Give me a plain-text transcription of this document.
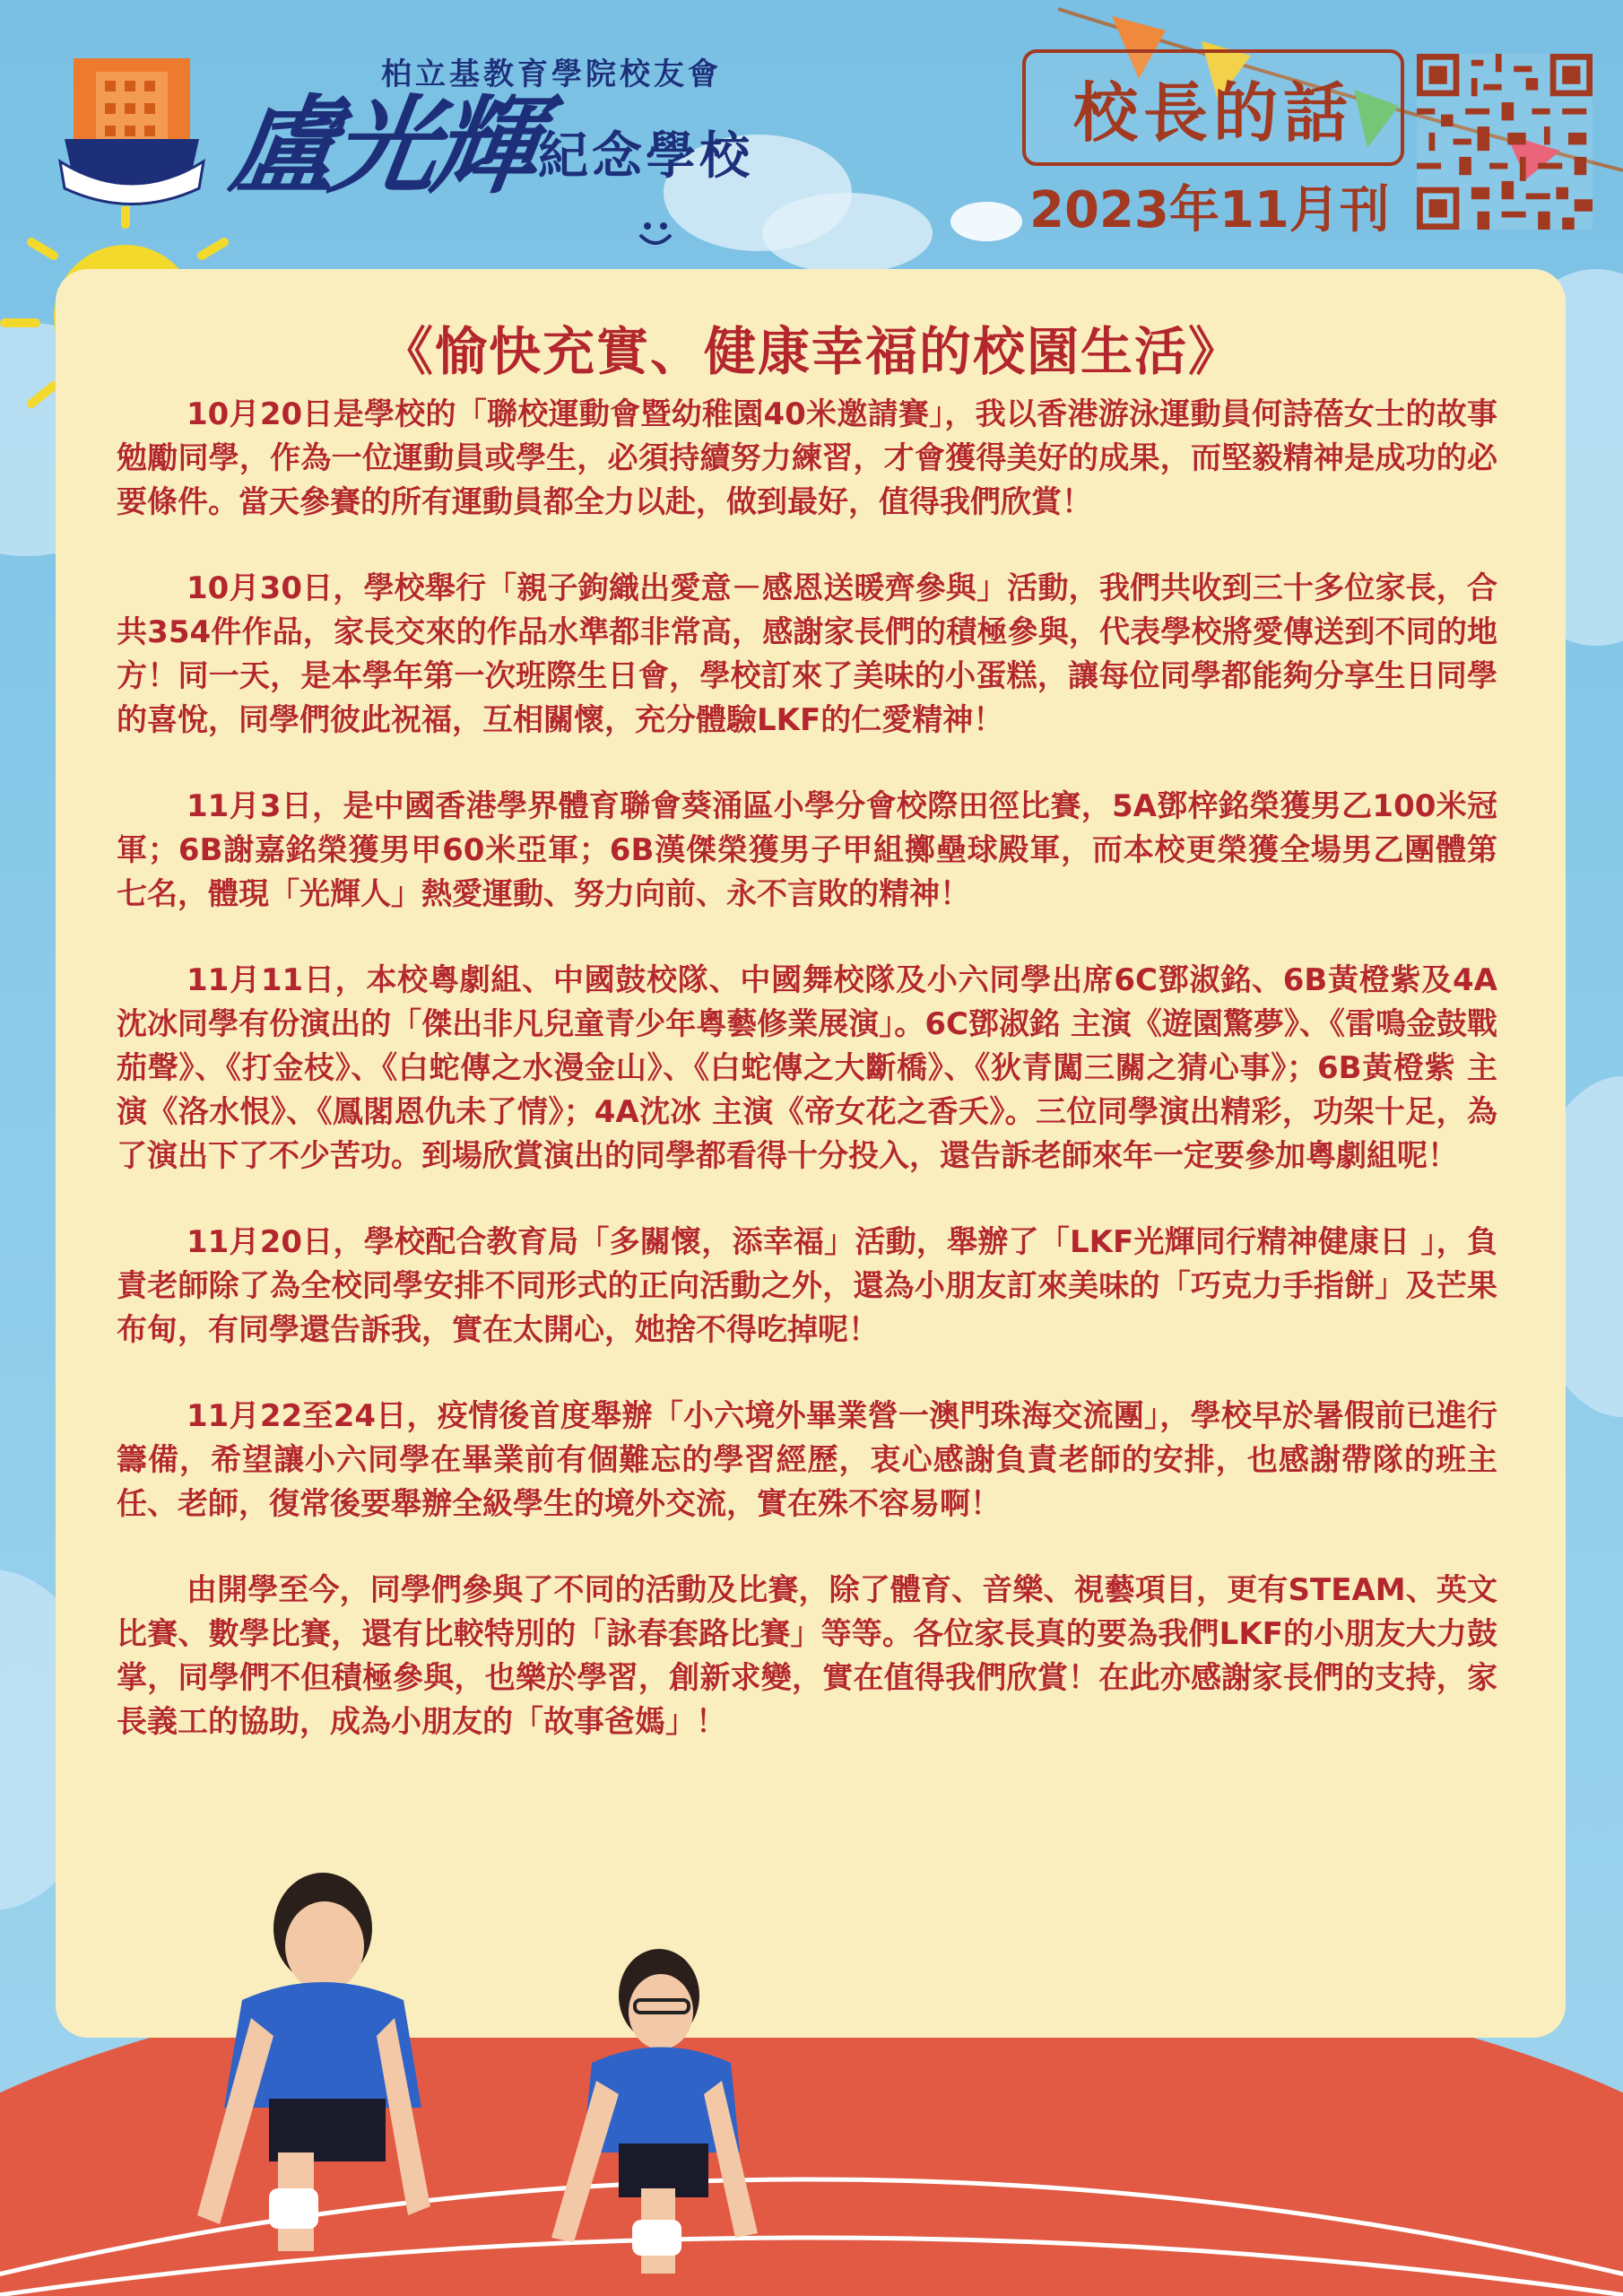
柏立基教育學院校友會
盧光輝
紀念學校
校長的話
2023年11月刊
《愉快充實、健康幸福的校園生活》

10月20日是學校的「聯校運動會暨幼稚園40米邀請賽」，我以香港游泳運動員何詩蓓女士的故事勉勵同學，作為一位運動員或學生，必須持續努力練習，才會獲得美好的成果，而堅毅精神是成功的必要條件。當天參賽的所有運動員都全力以赴，做到最好，值得我們欣賞！

10月30日，學校舉行「親子鉤織出愛意－感恩送暖齊參與」活動，我們共收到三十多位家長，合共354件作品，家長交來的作品水準都非常高，感謝家長們的積極參與，代表學校將愛傳送到不同的地方！同一天，是本學年第一次班際生日會，學校訂來了美味的小蛋糕，讓每位同學都能夠分享生日同學的喜悅，同學們彼此祝福，互相關懷，充分體驗LKF的仁愛精神！

11月3日，是中國香港學界體育聯會葵涌區小學分會校際田徑比賽，5A鄧梓銘榮獲男乙100米冠軍；6B謝嘉銘榮獲男甲60米亞軍；6B漢傑榮獲男子甲組擲壘球殿軍，而本校更榮獲全場男乙團體第七名，體現「光輝人」熱愛運動、努力向前、永不言敗的精神！

11月11日，本校粵劇組、中國鼓校隊、中國舞校隊及小六同學出席6C鄧淑銘、6B黃橙紫及4A沈冰同學有份演出的「傑出非凡兒童青少年粵藝修業展演」。6C鄧淑銘 主演《遊園驚夢》、《雷鳴金鼓戰茄聲》、《打金枝》、《白蛇傳之水漫金山》、《白蛇傳之大斷橋》、《狄青闖三關之猜心事》；6B黃橙紫 主演《洛水恨》、《鳳閣恩仇未了情》；4A沈冰 主演《帝女花之香夭》。三位同學演出精彩，功架十足，為了演出下了不少苦功。到場欣賞演出的同學都看得十分投入，還告訴老師來年一定要參加粵劇組呢！

11月20日，學校配合教育局「多關懷，添幸福」活動，舉辦了「LKF光輝同行精神健康日 」，負責老師除了為全校同學安排不同形式的正向活動之外，還為小朋友訂來美味的「巧克力手指餅」及芒果布甸，有同學還告訴我，實在太開心，她捨不得吃掉呢！

11月22至24日，疫情後首度舉辦「小六境外畢業營一澳門珠海交流團」，學校早於暑假前已進行籌備，希望讓小六同學在畢業前有個難忘的學習經歷，衷心感謝負責老師的安排，也感謝帶隊的班主任、老師，復常後要舉辦全級學生的境外交流，實在殊不容易啊！

由開學至今，同學們參與了不同的活動及比賽，除了體育、音樂、視藝項目，更有STEAM、英文比賽、數學比賽，還有比較特別的「詠春套路比賽」等等。各位家長真的要為我們LKF的小朋友大力鼓掌，同學們不但積極參與，也樂於學習，創新求變，實在值得我們欣賞！在此亦感謝家長們的支持，家長義工的協助，成為小朋友的「故事爸媽」！
